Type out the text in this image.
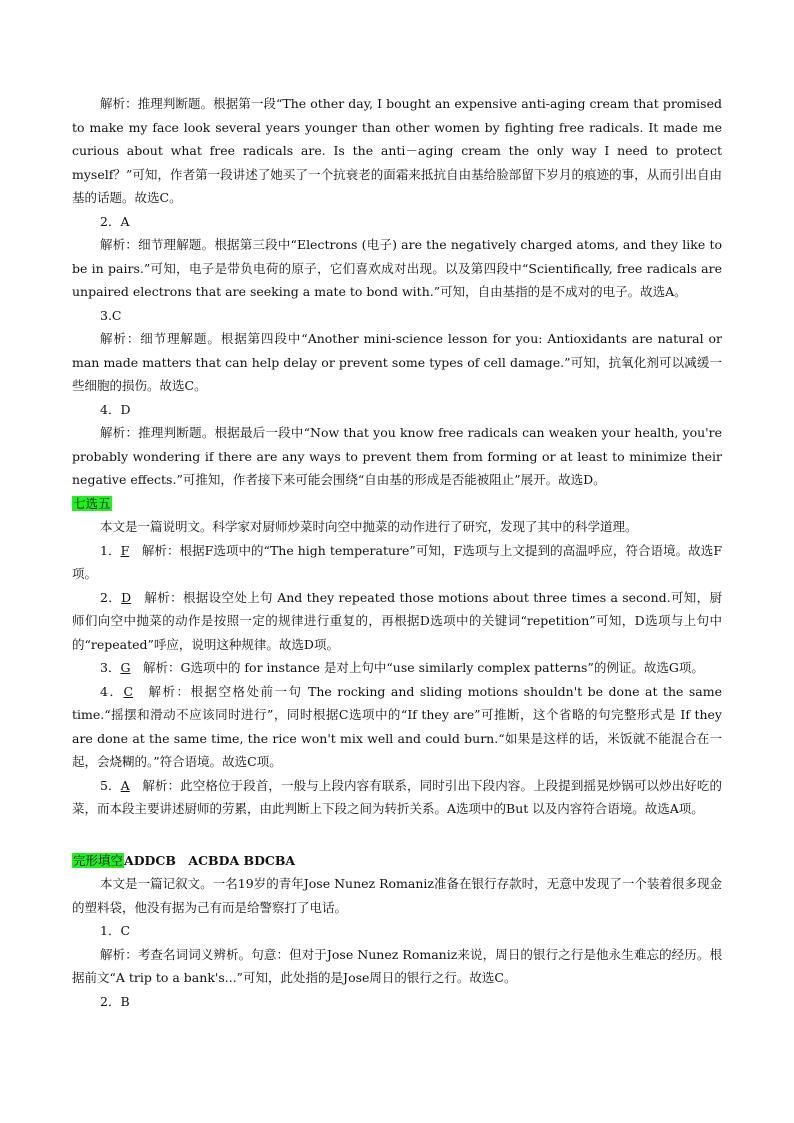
解析：推理判断题。根据第一段“The other day, I bought an expensive anti-aging cream that promised to make my face look several years younger than other women by fighting free radicals. It made me curious about what free radicals are. Is the anti－aging cream the only way I need to protect myself？”可知，作者第一段讲述了她买了一个抗衰老的面霜来抵抗自由基给脸部留下岁月的痕迹的事，从而引出自由基的话题。故选C。

2．A

解析：细节理解题。根据第三段中“Electrons (电子) are the negatively charged atoms, and they like to be in pairs.”可知，电子是带负电荷的原子，它们喜欢成对出现。以及第四段中“Scientifically, free radicals are unpaired electrons that are seeking a mate to bond with.”可知，自由基指的是不成对的电子。故选A。

3.C

解析：细节理解题。根据第四段中“Another mini-science lesson for you: Antioxidants are natural or man made matters that can help delay or prevent some types of cell damage.”可知，抗氧化剂可以减缓一些细胞的损伤。故选C。

4．D

解析：推理判断题。根据最后一段中“Now that you know free radicals can weaken your health, you're probably wondering if there are any ways to prevent them from forming or at least to minimize their negative effects.”可推知，作者接下来可能会围绕“自由基的形成是否能被阻止”展开。故选D。

七选五

本文是一篇说明文。科学家对厨师炒菜时向空中抛菜的动作进行了研究，发现了其中的科学道理。

1．F　解析：根据F选项中的“The high temperature”可知，F选项与上文提到的高温呼应，符合语境。故选F项。

2．D　解析：根据设空处上句 And they repeated those motions about three times a second.可知，厨师们向空中抛菜的动作是按照一定的规律进行重复的，再根据D选项中的关键词“repetition”可知，D选项与上句中的“repeated”呼应，说明这种规律。故选D项。

3．G　解析：G选项中的 for instance 是对上句中“use similarly complex patterns”的例证。故选G项。

4．C　解析：根据空格处前一句 The rocking and sliding motions shouldn't be done at the same time.“摇摆和滑动不应该同时进行”，同时根据C选项中的“If they are”可推断，这个省略的句完整形式是 If they are done at the same time, the rice won't mix well and could burn.“如果是这样的话，米饭就不能混合在一起，会烧糊的。”符合语境。故选C项。

5．A　解析：此空格位于段首，一般与上段内容有联系，同时引出下段内容。上段提到摇晃炒锅可以炒出好吃的菜，而本段主要讲述厨师的劳累，由此判断上下段之间为转折关系。A选项中的But 以及内容符合语境。故选A项。

完形填空ADDCB　ACBDA BDCBA

本文是一篇记叙文。一名19岁的青年Jose Nunez Romaniz准备在银行存款时，无意中发现了一个装着很多现金的塑料袋，他没有据为己有而是给警察打了电话。

1．C

解析：考查名词词义辨析。句意：但对于Jose Nunez Romaniz来说，周日的银行之行是他永生难忘的经历。根据前文“A trip to a bank's...”可知，此处指的是Jose周日的银行之行。故选C。

2．B
